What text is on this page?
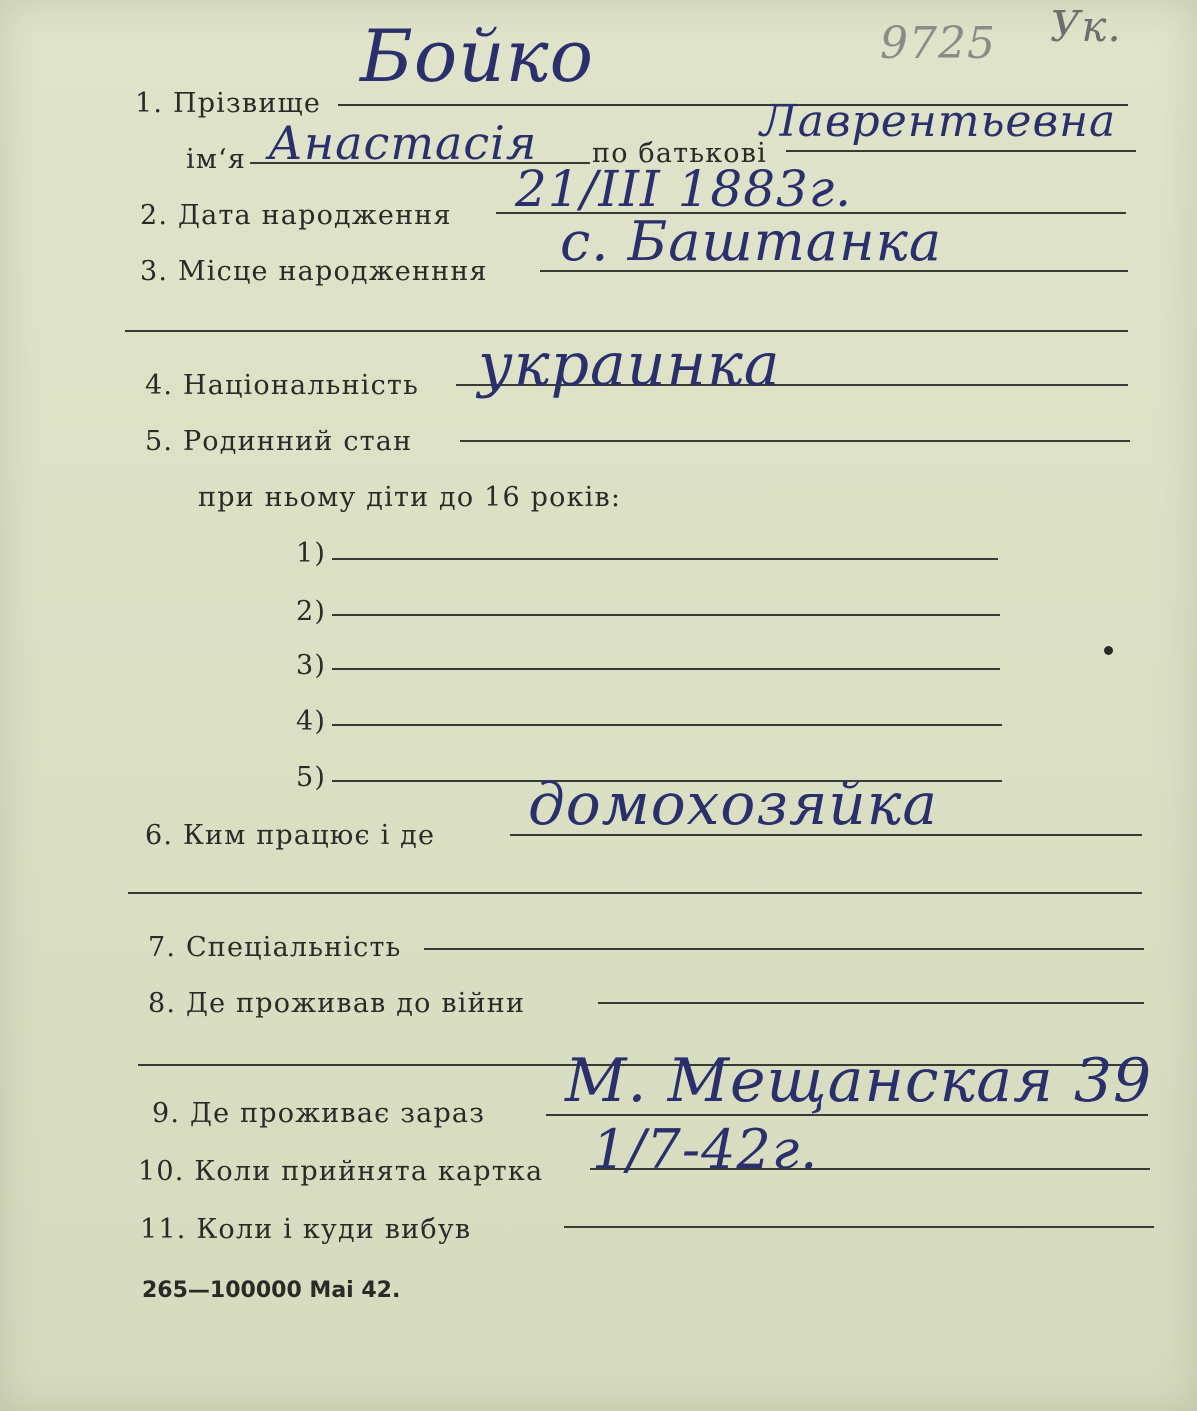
9725 Ук.
1. Прізвище
Бойко
ім‘я Анастасія по батькові
Лаврентьевна
2. Дата народження 21/III 1883г.
3. Місце народженння с. Баштанка
4. Національність украинка
5. Родинний стан
при ньому діти до 16 років:
1)
2)
3)
4)
5)
6. Ким працює і де домохозяйка
7. Спеціальність
8. Де проживав до війни
9. Де проживає зараз М. Мещанская 39
10. Коли прийнята картка 1/7-42г.
11. Коли і куди вибув
265—100000 Mai 42.
